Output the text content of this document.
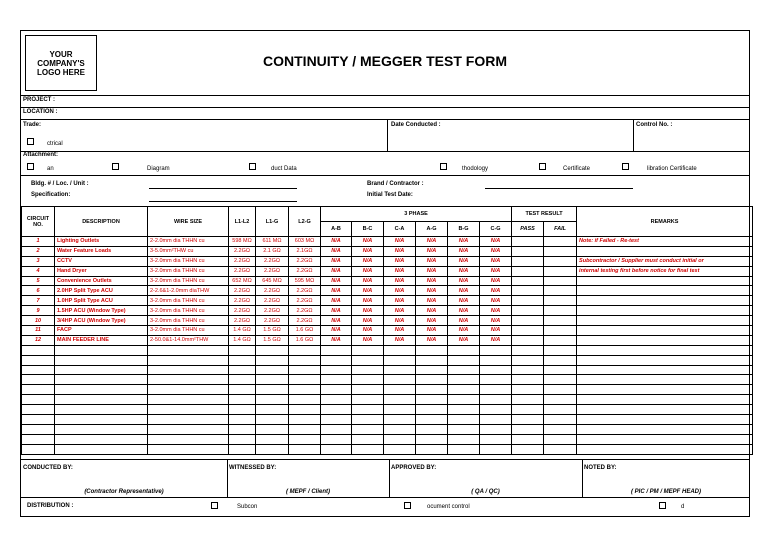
YOUR
COMPANY'S
LOGO HERE
CONTINUITY / MEGGER TEST FORM
PROJECT :
LOCATION :
Trade:	Date Conducted :	Control No. :
ctrical
Attachment:
an	Diagram	duct Data	thodology	Certificate	libration Certificate
Bldg. # / Loc. / Unit :
Specification:
Brand / Contractor :
Initial Test Date:
CIRCUIT NO.	DESCRIPTION	WIRE SIZE	L1-L2	L1-G	L2-G	3 PHASE						TEST RESULT		REMARKS
						A-B	B-C	C-A	A-G	B-G	C-G	PASS	FAIL	
1	Lighting Outlets	2-2.0mm dia THHN cu	598 MΩ	611 MΩ	603 MΩ	N/A	N/A	N/A	N/A	N/A	N/A			Note: if Failed - Re-test
2	Water Feature Loads	3-5.0mm²THW cu	2.2GΩ	2.1 GΩ	2.1GΩ	N/A	N/A	N/A	N/A	N/A	N/A			
3	CCTV	3-2.0mm dia THHN cu	2.2GΩ	2.2GΩ	2.2GΩ	N/A	N/A	N/A	N/A	N/A	N/A			Subcontractor / Supplier must conduct initial or
4	Hand Dryer	3-2.0mm dia THHN cu	2.2GΩ	2.2GΩ	2.2GΩ	N/A	N/A	N/A	N/A	N/A	N/A			internal testing first before notice for final test
5	Convenience Outlets	3-2.0mm dia THHN cu	652 MΩ	645 MΩ	595 MΩ	N/A	N/A	N/A	N/A	N/A	N/A			
6	2.0HP Split Type ACU	2-2.6&1-2.0mm diaTHW	2.2GΩ	2.2GΩ	2.2GΩ	N/A	N/A	N/A	N/A	N/A	N/A			
7	1.0HP Split Type ACU	3-2.0mm dia THHN cu	2.2GΩ	2.2GΩ	2.2GΩ	N/A	N/A	N/A	N/A	N/A	N/A			
9	1.5HP ACU (Window Type)	3-2.0mm dia THHN cu	2.2GΩ	2.2GΩ	2.2GΩ	N/A	N/A	N/A	N/A	N/A	N/A			
10	3/4HP ACU (Window Type)	3-2.0mm dia THHN cu	2.2GΩ	2.2GΩ	2.2GΩ	N/A	N/A	N/A	N/A	N/A	N/A			
11	FACP	3-2.0mm dia THHN cu	1.4 GΩ	1.5 GΩ	1.6 GΩ	N/A	N/A	N/A	N/A	N/A	N/A			
12	MAIN FEEDER LINE	2-50.0&1-14.0mm²THW	1.4 GΩ	1.5 GΩ	1.6 GΩ	N/A	N/A	N/A	N/A	N/A	N/A			

CONDUCTED BY:	WITNESSED BY:	APPROVED BY:	NOTED BY:
(Contractor Representative)	( MEPF / Client)	( QA / QC)	( PIC / PM / MEPF HEAD)
DISTRIBUTION :	Subcon	ocument control	d
